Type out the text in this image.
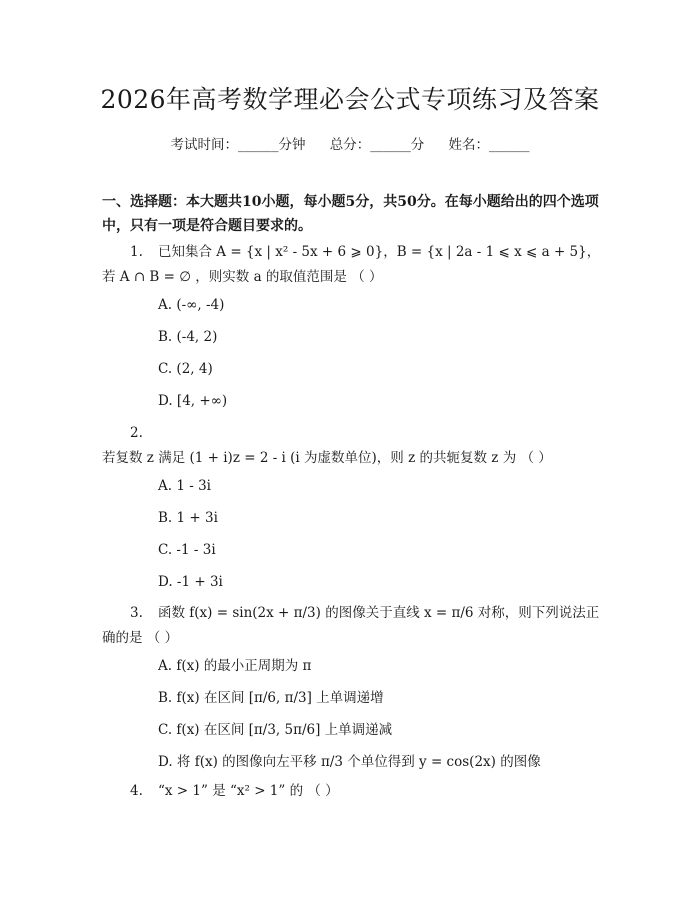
2026年高考数学理必会公式专项练习及答案
考试时间：______分钟 总分：______分 姓名：______
一、选择题：本大题共10小题，每小题5分，共50分。在每小题给出的四个选项中，只有一项是符合题目要求的。
1. 已知集合 A = {x | x² - 5x + 6 ⩾ 0}，B = {x | 2a - 1 ⩽ x ⩽ a + 5}，若 A ∩ B = ∅ ，则实数 a 的取值范围是 （ ）
A. (-∞, -4)
B. (-4, 2)
C. (2, 4)
D. [4, +∞)
2.若复数 z 满足 (1 + i)z = 2 - i (i 为虚数单位)，则 z 的共轭复数 z 为 （ ）
A. 1 - 3i
B. 1 + 3i
C. -1 - 3i
D. -1 + 3i
3. 函数 f(x) = sin(2x + π/3) 的图像关于直线 x = π/6 对称，则下列说法正确的是 （ ）
A. f(x) 的最小正周期为 π
B. f(x) 在区间 [π/6, π/3] 上单调递增
C. f(x) 在区间 [π/3, 5π/6] 上单调递减
D. 将 f(x) 的图像向左平移 π/3 个单位得到 y = cos(2x) 的图像
4. “x > 1” 是 “x² > 1” 的 （ ）
